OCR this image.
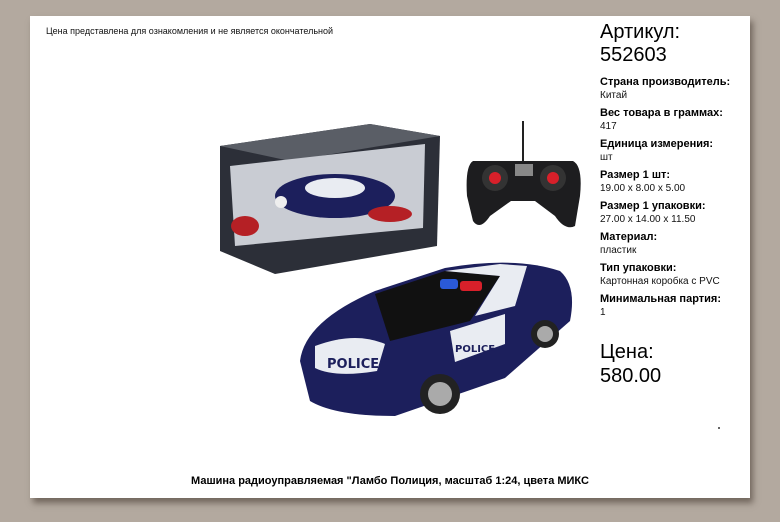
Цена представлена для ознакомления и не является окончательной	Артикул:
552603
Страна производитель:
Китай
Вес товара в граммах:
417
Единица измерения:
шт
Размер 1 шт:
19.00 x 8.00 x 5.00
Размер 1 упаковки:
27.00 x 14.00 x 11.50
Материал:
пластик
Тип упаковки:
Картонная коробка с PVC
Минимальная партия:
1
Цена:
580.00
POLICE
POLICE
Машина радиоуправляемая "Ламбо Полиция, масштаб 1:24, цвета МИКС
